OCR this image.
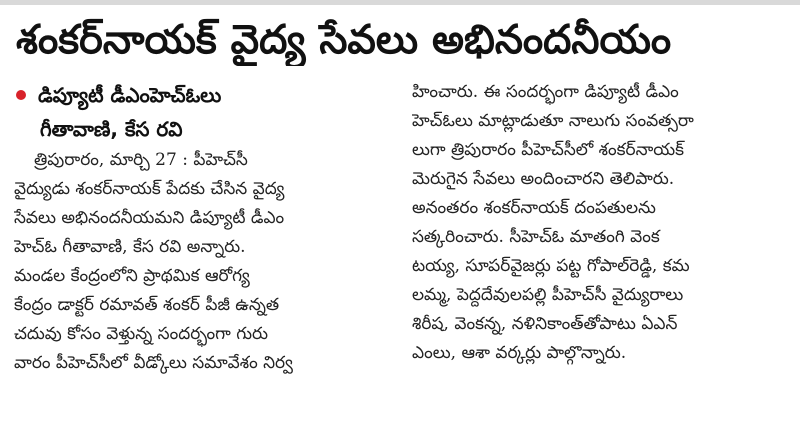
శంకర్‌నాయక్ వైద్య సేవలు అభినందనీయం
డిప్యూటీ డీఎంహెచ్‌ఓలు
గీతావాణి, కేస రవి
త్రిపురారం, మార్చి 27 : పీహెచ్‌సీ
వైద్యుడు శంకర్‌నాయక్ పేదకు చేసిన వైద్య
సేవలు అభినందనీయమని డిప్యూటీ డీఎం
హెచ్‌ఓ గీతావాణి, కేస రవి అన్నారు.
మండల కేంద్రంలోని ప్రాథమిక ఆరోగ్య
కేంద్రం డాక్టర్ రమావత్ శంకర్ పీజీ ఉన్నత
చదువు కోసం వెళ్తున్న సందర్భంగా గురు
వారం పీహెచ్‌సీలో వీడ్కోలు సమావేశం నిర్వ
హించారు. ఈ సందర్భంగా డిప్యూటీ డీఎం
హెచ్‌ఓలు మాట్లాడుతూ నాలుగు సంవత్సరా
లుగా త్రిపురారం పీహెచ్‌సీలో శంకర్‌నాయక్
మెరుగైన సేవలు అందించారని తెలిపారు.
అనంతరం శంకర్‌నాయక్ దంపతులను
సత్కరించారు. సీహెచ్‌ఓ మాతంగి వెంక
టయ్య, సూపర్‌వైజర్లు పట్ట గోపాల్‌రెడ్డి, కమ
లమ్మ, పెద్దదేవులపల్లి పీహెచ్‌సీ వైద్యురాలు
శిరీష, వెంకన్న, నళినికాంత్‌తోపాటు ఏఎన్
ఎంలు, ఆశా వర్కర్లు పాల్గొన్నారు.
